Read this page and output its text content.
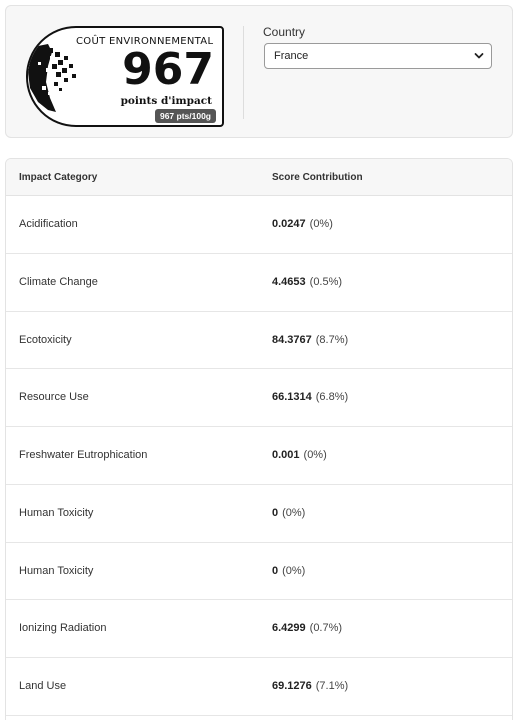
COÛT ENVIRONNEMENTAL
967
points d'impact
967 pts/100g
Country
France
Impact Category	Score Contribution
Acidification	0.0247 (0%)
Climate Change	4.4653 (0.5%)
Ecotoxicity	84.3767 (8.7%)
Resource Use	66.1314 (6.8%)
Freshwater Eutrophication	0.001 (0%)
Human Toxicity	0 (0%)
Human Toxicity	0 (0%)
Ionizing Radiation	6.4299 (0.7%)
Land Use	69.1276 (7.1%)
